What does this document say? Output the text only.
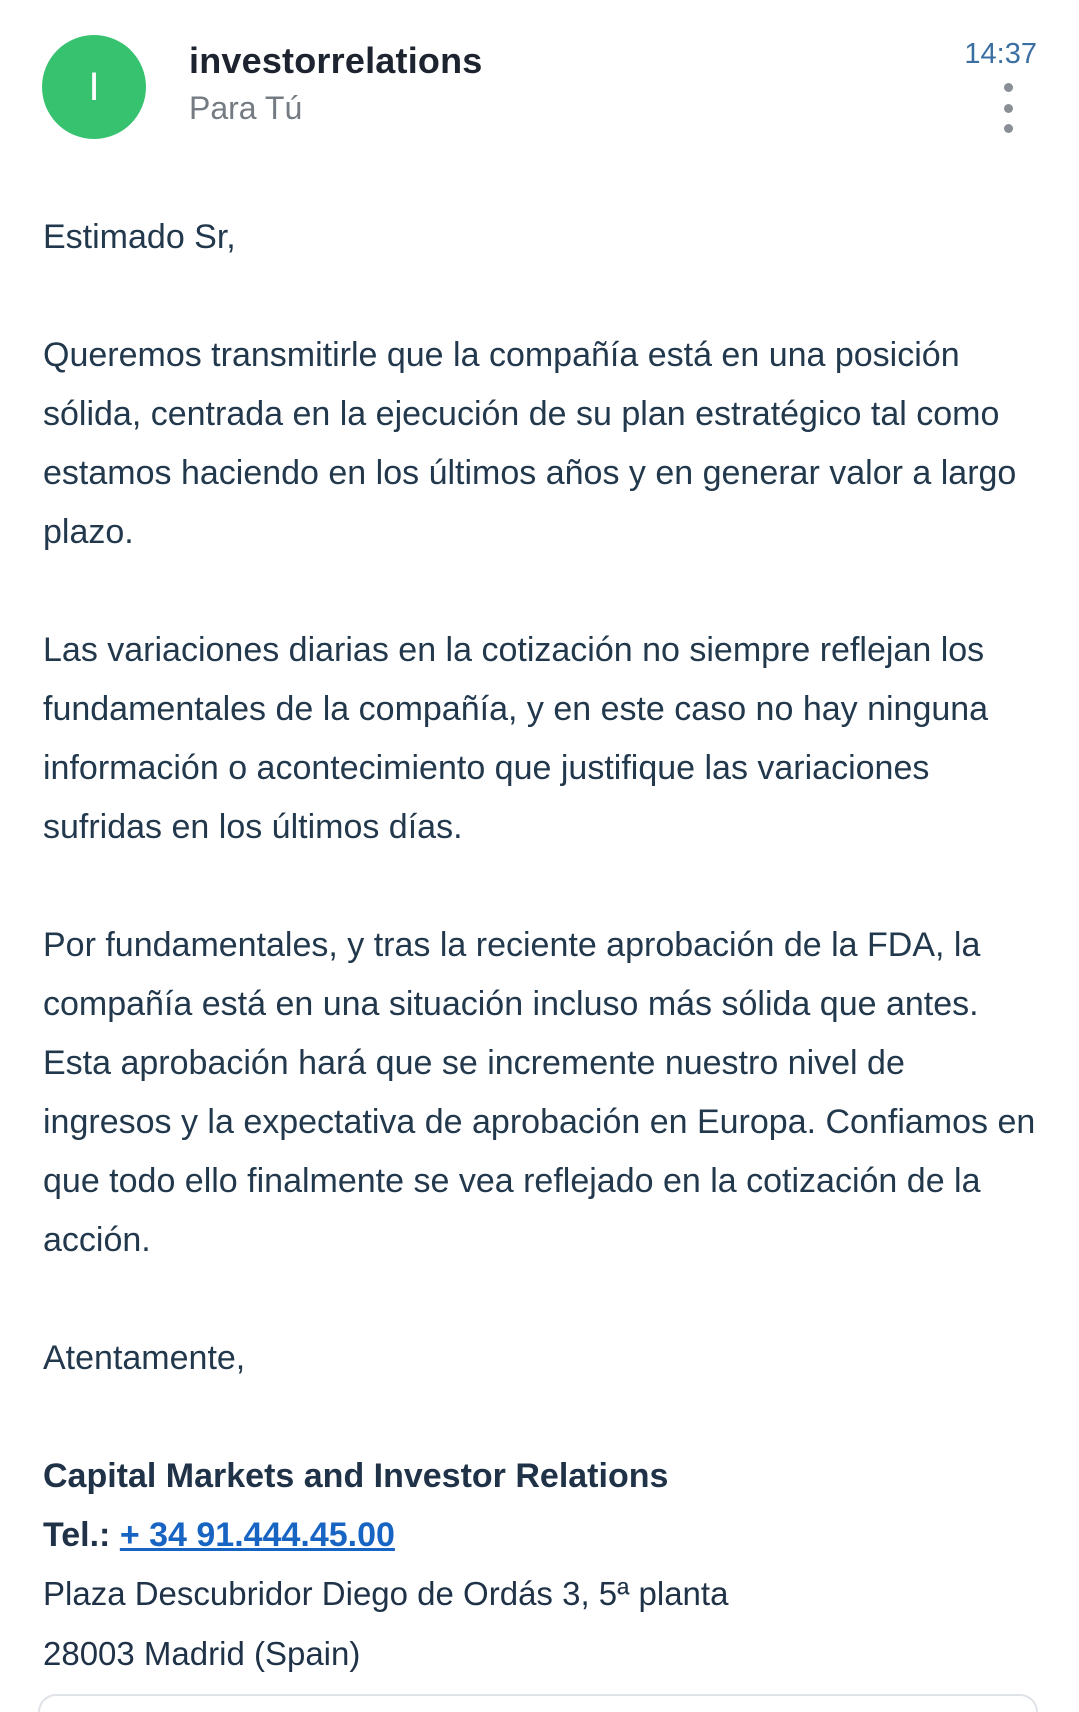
I
investorrelations
Para Tú
14:37

Estimado Sr,

Queremos transmitirle que la compañía está en una posición sólida, centrada en la ejecución de su plan estratégico tal como estamos haciendo en los últimos años y en generar valor a largo plazo.

Las variaciones diarias en la cotización no siempre reflejan los fundamentales de la compañía, y en este caso no hay ninguna información o acontecimiento que justifique las variaciones sufridas en los últimos días.

Por fundamentales, y tras la reciente aprobación de la FDA, la compañía está en una situación incluso más sólida que antes. Esta aprobación hará que se incremente nuestro nivel de ingresos y la expectativa de aprobación en Europa. Confiamos en que todo ello finalmente se vea reflejado en la cotización de la acción.

Atentamente,

Capital Markets and Investor Relations
Tel.: + 34 91.444.45.00
Plaza Descubridor Diego de Ordás 3, 5ª planta
28003 Madrid (Spain)
